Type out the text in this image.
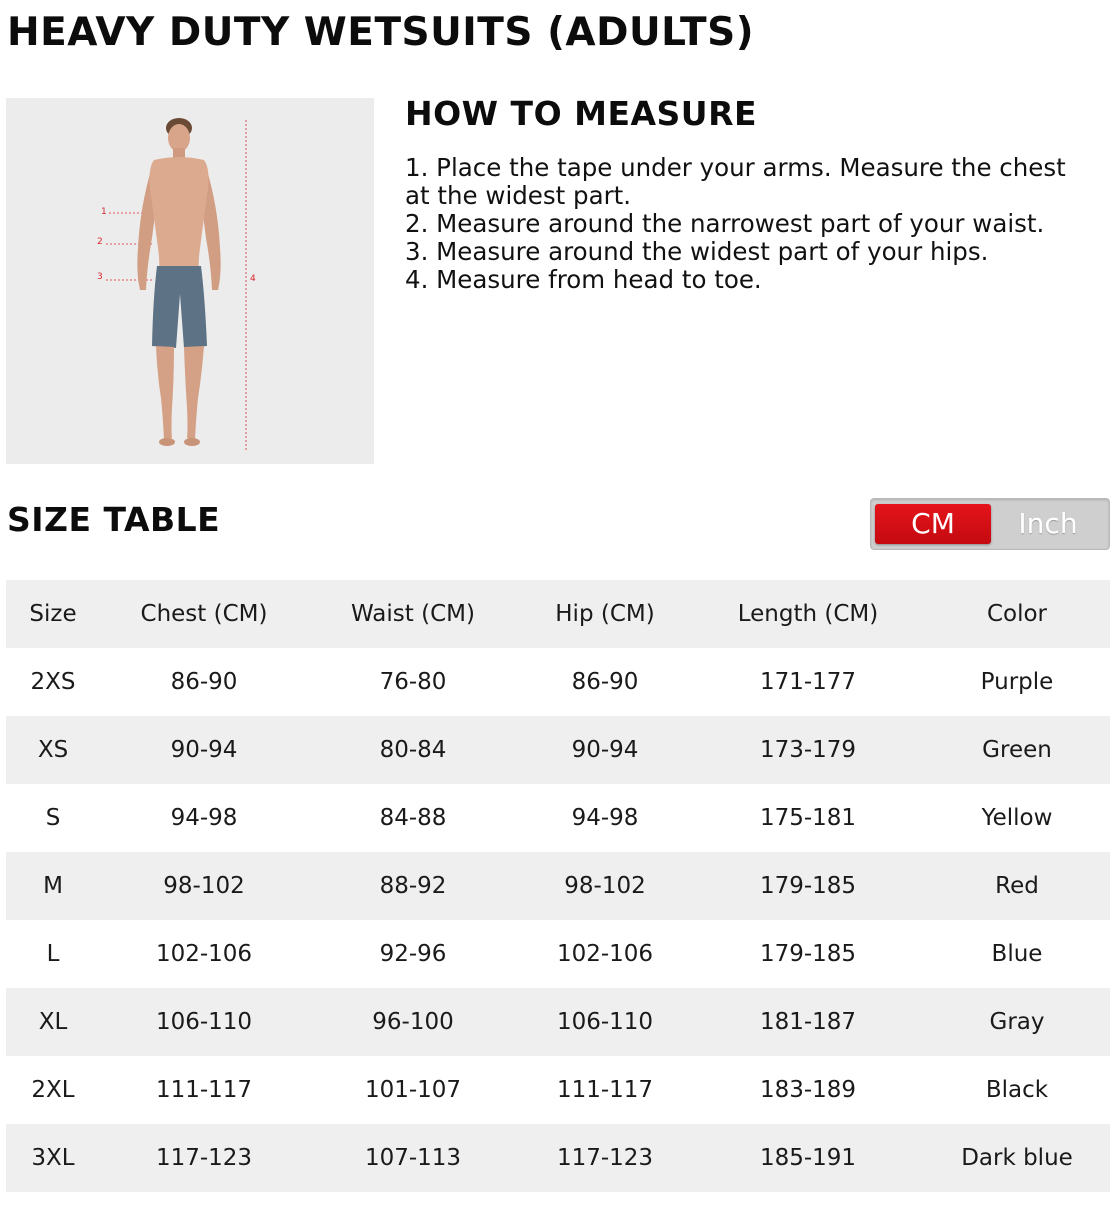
HEAVY DUTY WETSUITS (ADULTS)
1
2
3	4
HOW TO MEASURE
1. Place the tape under your arms. Measure the chest at the widest part.
2. Measure around the narrowest part of your waist.
3. Measure around the widest part of your hips.
4. Measure from head to toe.
SIZE TABLE	CM	Inch
Size	Chest (CM)	Waist (CM)	Hip (CM)	Length (CM)	Color
2XS	86-90	76-80	86-90	171-177	Purple
XS	90-94	80-84	90-94	173-179	Green
S	94-98	84-88	94-98	175-181	Yellow
M	98-102	88-92	98-102	179-185	Red
L	102-106	92-96	102-106	179-185	Blue
XL	106-110	96-100	106-110	181-187	Gray
2XL	111-117	101-107	111-117	183-189	Black
3XL	117-123	107-113	117-123	185-191	Dark blue
